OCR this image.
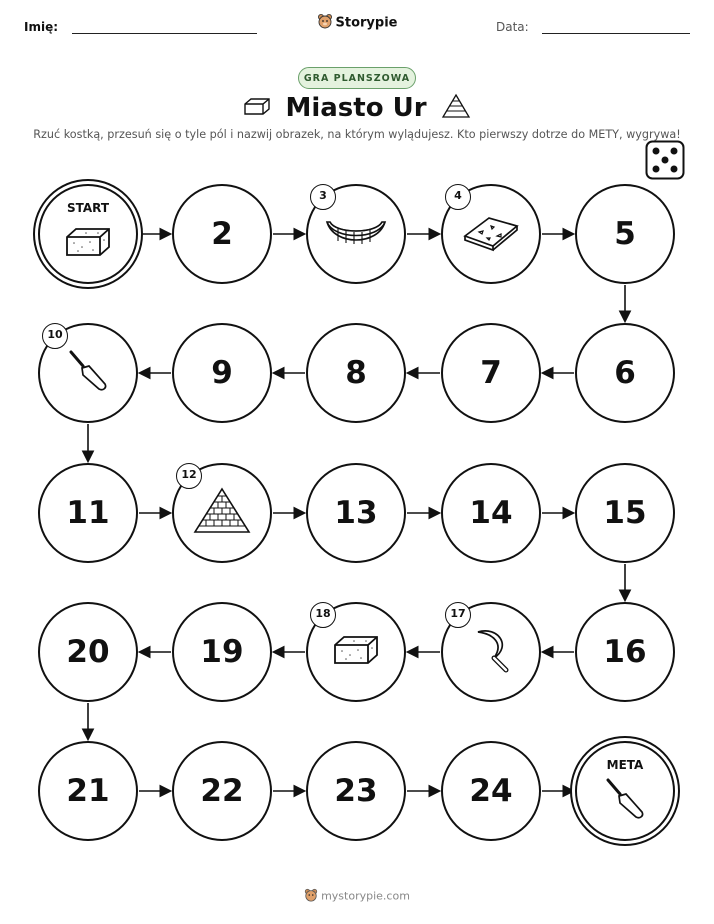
Imię:	Storypie	Data:
GRA PLANSZOWA
Miasto Ur
Rzuć kostką, przesuń się o tyle pól i nazwij obrazek, na którym wylądujesz. Kto pierwszy dotrze do METY, wygrywa!
START
2
3	4
5
6
7
8
9
10
11
12
13	14	15
16
17
18
19
20
21	22	23	24
META
mystorypie.com
